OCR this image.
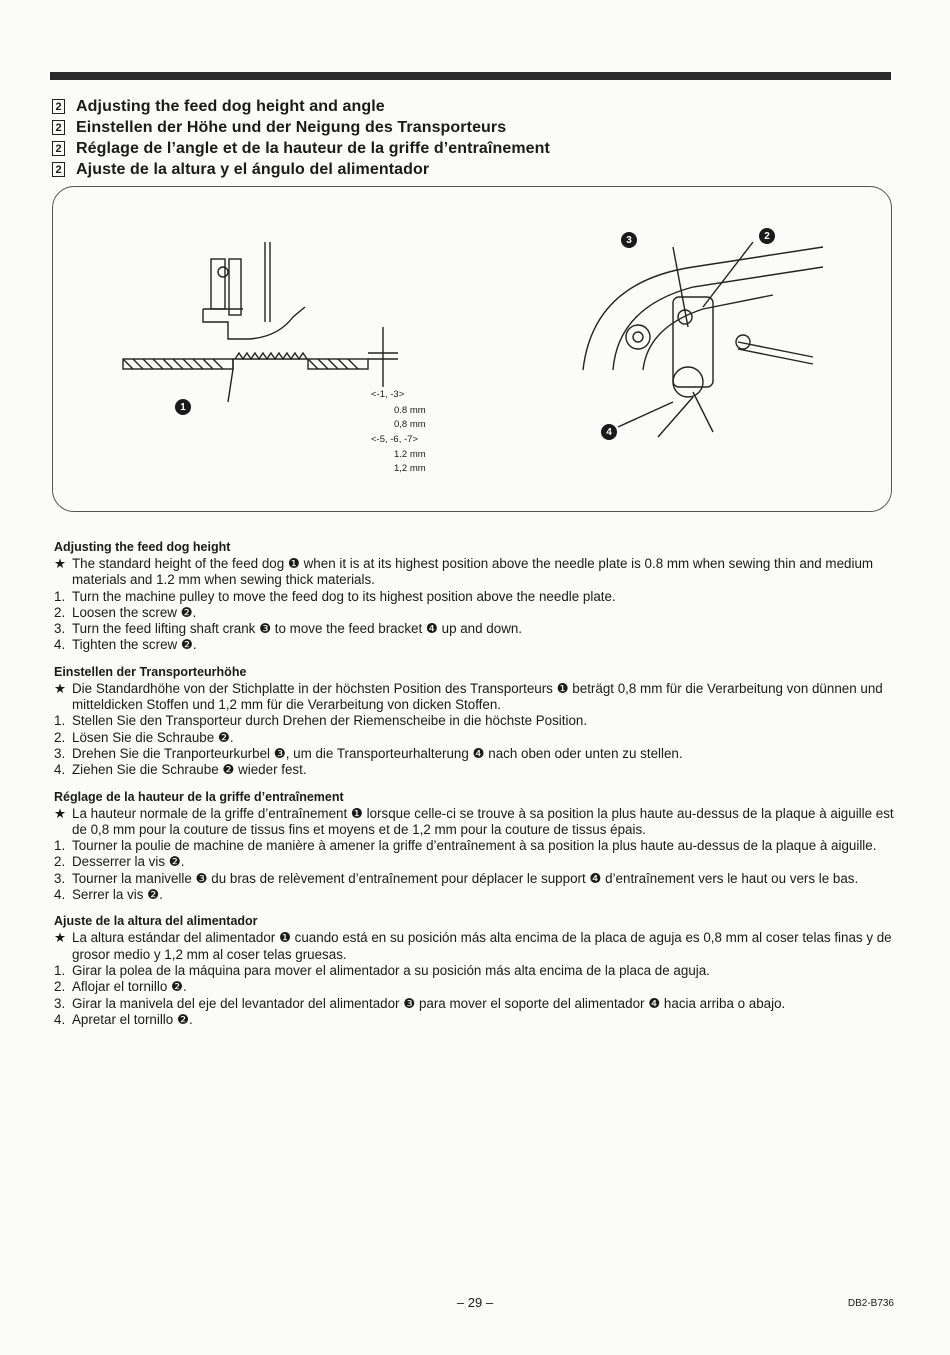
2 Adjusting the feed dog height and angle
2 Einstellen der Höhe und der Neigung des Transporteurs
2 Réglage de l’angle et de la hauteur de la griffe d’entraînement
2 Ajuste de la altura y el ángulo del alimentador
<-1, -3>
0.8 mm
0,8 mm
<-5, -6, -7>
1.2 mm
1,2 mm
1
3	2
4
Adjusting the feed dog height
★ The standard height of the feed dog ❶ when it is at its highest position above the needle plate is 0.8 mm when sewing thin and medium materials and 1.2 mm when sewing thick materials.
1. Turn the machine pulley to move the feed dog to its highest position above the needle plate.
2. Loosen the screw ❷.
3. Turn the feed lifting shaft crank ❸ to move the feed bracket ❹ up and down.
4. Tighten the screw ❷.
Einstellen der Transporteurhöhe
★ Die Standardhöhe von der Stichplatte in der höchsten Position des Transporteurs ❶ beträgt 0,8 mm für die Verarbeitung von dünnen und mitteldicken Stoffen und 1,2 mm für die Verarbeitung von dicken Stoffen.
1. Stellen Sie den Transporteur durch Drehen der Riemenscheibe in die höchste Position.
2. Lösen Sie die Schraube ❷.
3. Drehen Sie die Tranporteurkurbel ❸, um die Transporteurhalterung ❹ nach oben oder unten zu stellen.
4. Ziehen Sie die Schraube ❷ wieder fest.
Réglage de la hauteur de la griffe d’entraînement
★ La hauteur normale de la griffe d’entraînement ❶ lorsque celle-ci se trouve à sa position la plus haute au-dessus de la plaque à aiguille est de 0,8 mm pour la couture de tissus fins et moyens et de 1,2 mm pour la couture de tissus épais.
1. Tourner la poulie de machine de manière à amener la griffe d’entraînement à sa position la plus haute au-dessus de la plaque à aiguille.
2. Desserrer la vis ❷.
3. Tourner la manivelle ❸ du bras de relèvement d’entraînement pour déplacer le support ❹ d’entraînement vers le haut ou vers le bas.
4. Serrer la vis ❷.
Ajuste de la altura del alimentador
★ La altura estándar del alimentador ❶ cuando está en su posición más alta encima de la placa de aguja es 0,8 mm al coser telas finas y de grosor medio y 1,2 mm al coser telas gruesas.
1. Girar la polea de la máquina para mover el alimentador a su posición más alta encima de la placa de aguja.
2. Aflojar el tornillo ❷.
3. Girar la manivela del eje del levantador del alimentador ❸ para mover el soporte del alimentador ❹ hacia arriba o abajo.
4. Apretar el tornillo ❷.
– 29 –	DB2-B736
